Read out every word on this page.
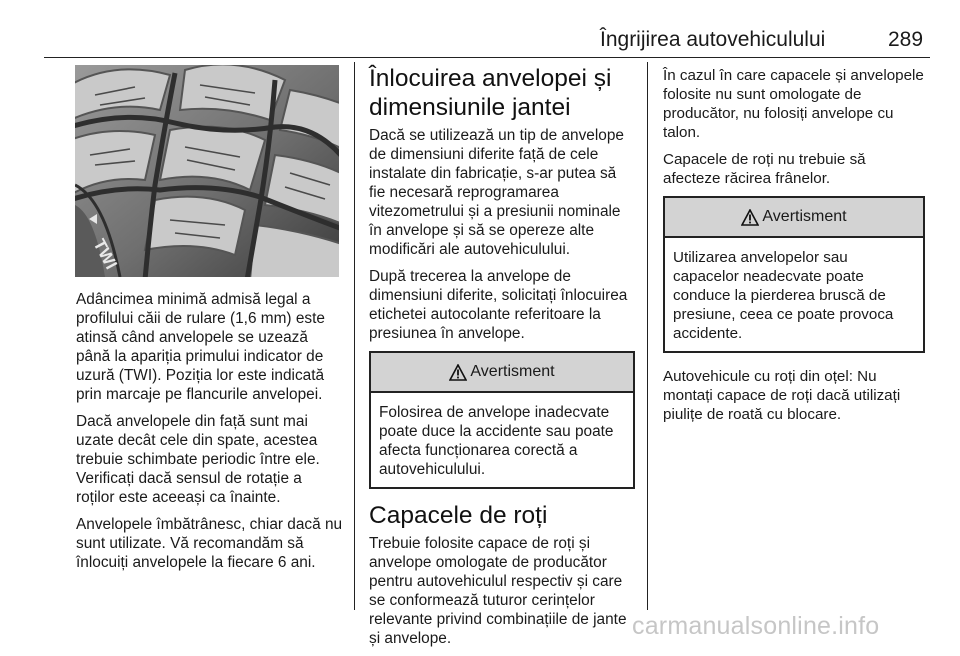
Îngrijirea autovehiculului	289
TWI

Adâncimea minimă admisă legal a profilului căii de rulare (1,6 mm) este atinsă când anvelopele se uzează până la apariția primului indicator de uzură (TWI). Poziția lor este indicată prin marcaje pe flancurile anvelopei.

Dacă anvelopele din față sunt mai uzate decât cele din spate, acestea trebuie schimbate periodic între ele. Verificați dacă sensul de rotație a roților este aceeași ca înainte.

Anvelopele îmbătrânesc, chiar dacă nu sunt utilizate. Vă recomandăm să înlocuiți anvelopele la fiecare 6 ani.

Înlocuirea anvelopei și dimensiunile jantei

Dacă se utilizează un tip de anvelope de dimensiuni diferite față de cele instalate din fabricație, s-ar putea să fie necesară reprogramarea vitezometrului și a presiunii nominale în anvelope și să se opereze alte modificări ale autovehiculului.

După trecerea la anvelope de dimensiuni diferite, solicitați înlocuirea etichetei autocolante referitoare la presiunea în anvelope.

Avertisment

Folosirea de anvelope inadecvate poate duce la accidente sau poate afecta funcționarea corectă a autovehiculului.

Capacele de roți

Trebuie folosite capace de roți și anvelope omologate de producător pentru autovehiculul respectiv și care se conformează tuturor cerințelor relevante privind combinațiile de jante și anvelope.

În cazul în care capacele și anvelopele folosite nu sunt omologate de producător, nu folosiți anvelope cu talon.

Capacele de roți nu trebuie să afecteze răcirea frânelor.

Avertisment

Utilizarea anvelopelor sau capacelor neadecvate poate conduce la pierderea bruscă de presiune, ceea ce poate provoca accidente.

Autovehicule cu roți din oțel: Nu montați capace de roți dacă utilizați piulițe de roată cu blocare.

carmanualsonline.info
